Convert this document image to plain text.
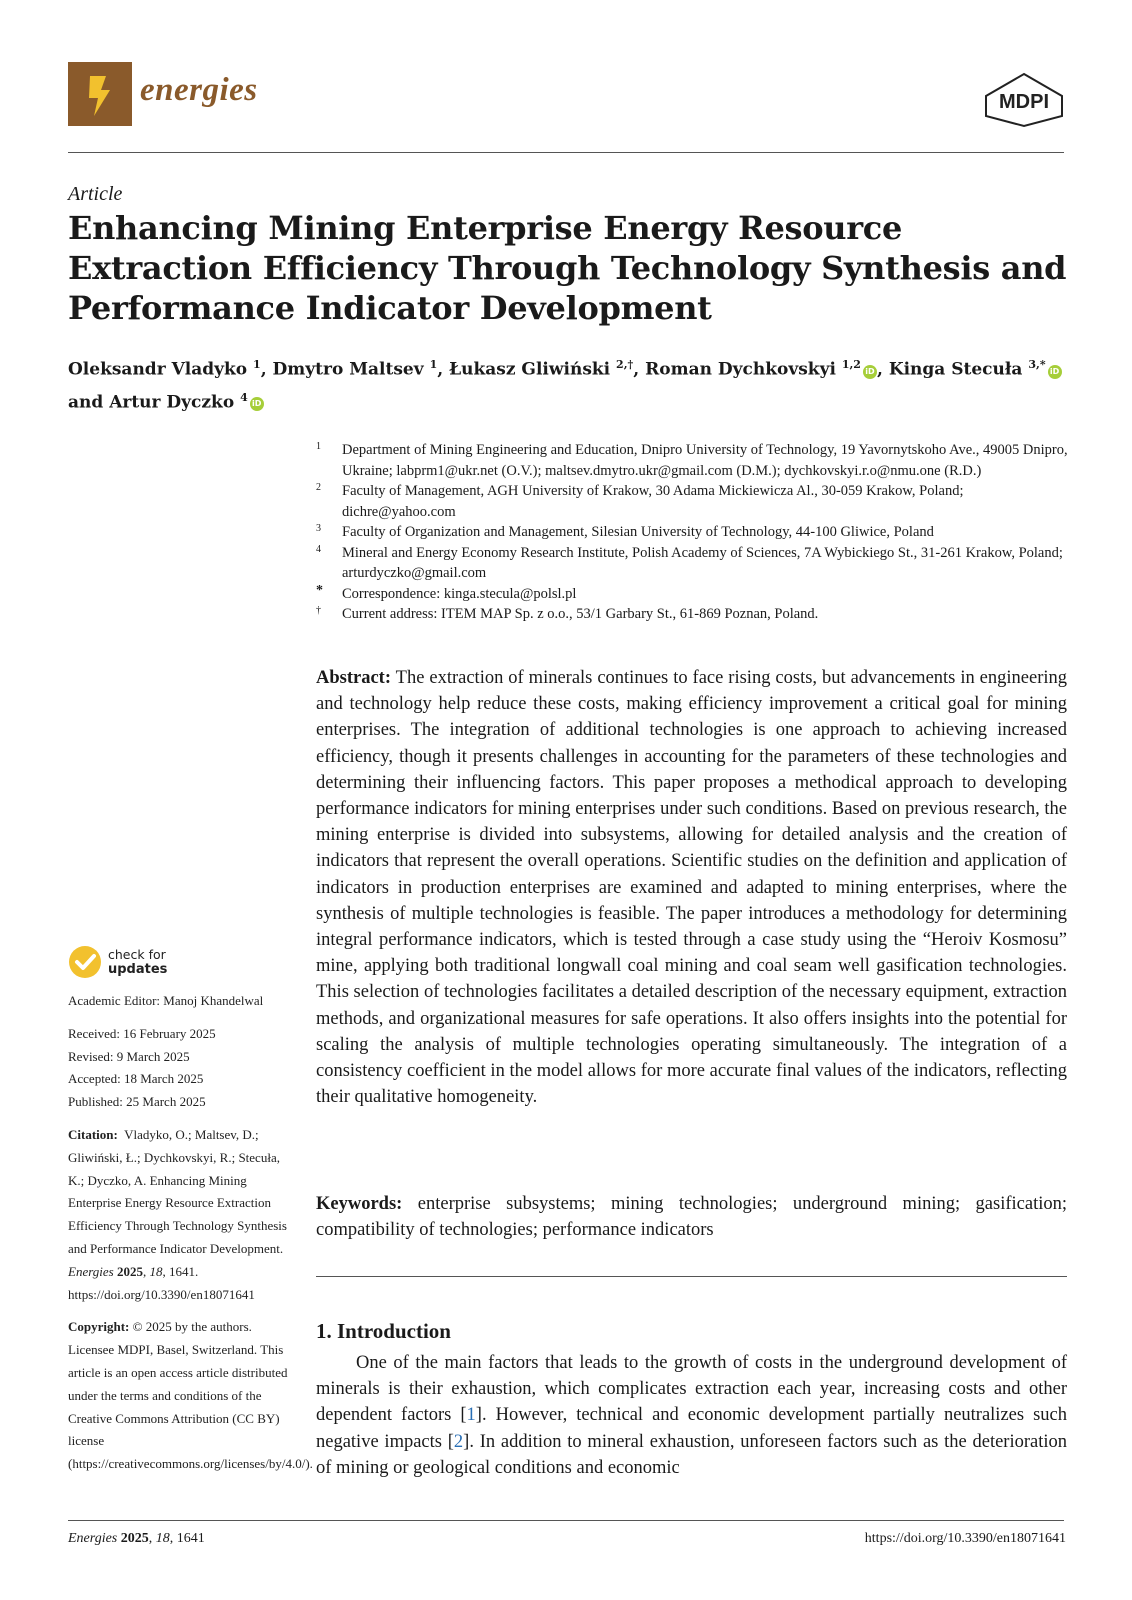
energies	MDPI
Article
Enhancing Mining Enterprise Energy Resource Extraction Efficiency Through Technology Synthesis and Performance Indicator Development
Oleksandr Vladyko $^1$, Dmytro Maltsev $^1$, Łukasz Gliwiński $^{2,\dagger}$, Roman Dychkovskyi $^{1,2}$iD , Kinga Stecuła $^{3,*}$iD
and Artur Dyczko $^4$iD
1	Department of Mining Engineering and Education, Dnipro University of Technology, 19 Yavornytskoho Ave., 49005 Dnipro, Ukraine; labprm1@ukr.net (O.V.); maltsev.dmytro.ukr@gmail.com (D.M.); dychkovskyi.r.o@nmu.one (R.D.)
2	Faculty of Management, AGH University of Krakow, 30 Adama Mickiewicza Al., 30-059 Krakow, Poland; dichre@yahoo.com
3	Faculty of Organization and Management, Silesian University of Technology, 44-100 Gliwice, Poland
4	Mineral and Energy Economy Research Institute, Polish Academy of Sciences, 7A Wybickiego St., 31-261 Krakow, Poland; arturdyczko@gmail.com
*	Correspondence: kinga.stecula@polsl.pl
†	Current address: ITEM MAP Sp. z o.o., 53/1 Garbary St., 61-869 Poznan, Poland.

Abstract: The extraction of minerals continues to face rising costs, but advancements in engineering and technology help reduce these costs, making efficiency improvement a critical goal for mining enterprises. The integration of additional technologies is one approach to achieving increased efficiency, though it presents challenges in accounting for the parameters of these technologies and determining their influencing factors. This paper proposes a methodical approach to developing performance indicators for mining enterprises under such conditions. Based on previous research, the mining enterprise is divided into subsystems, allowing for detailed analysis and the creation of indicators that represent the overall operations. Scientific studies on the definition and application of indicators in production enterprises are examined and adapted to mining enterprises, where the synthesis of multiple technologies is feasible. The paper introduces a methodology for determining integral performance indicators, which is tested through a case study using the “Heroiv Kosmosu” mine, applying both traditional longwall coal mining and coal seam well gasification technologies. This selection of technologies facilitates a detailed description of the necessary equipment, extraction methods, and organizational measures for safe operations. It also offers insights into the potential for scaling the analysis of multiple technologies operating simultaneously. The integration of a consistency coefficient in the model allows for more accurate final values of the indicators, reflecting their qualitative homogeneity.

Keywords: enterprise subsystems; mining technologies; underground mining; gasification; compatibility of technologies; performance indicators

1. Introduction

One of the main factors that leads to the growth of costs in the underground development of minerals is their exhaustion, which complicates extraction each year, increasing costs and other dependent factors [1]. However, technical and economic development partially neutralizes such negative impacts [2]. In addition to mineral exhaustion, unforeseen factors such as the deterioration of mining or geological conditions and economic

check for
updates
Academic Editor: Manoj Khandelwal
Received: 16 February 2025
Revised: 9 March 2025
Accepted: 18 March 2025
Published: 25 March 2025
Citation: Vladyko, O.; Maltsev, D.; Gliwiński, Ł.; Dychkovskyi, R.; Stecuła, K.; Dyczko, A. Enhancing Mining Enterprise Energy Resource Extraction Efficiency Through Technology Synthesis and Performance Indicator Development. Energies 2025, 18, 1641.
https://doi.org/10.3390/en18071641
Copyright: © 2025 by the authors. Licensee MDPI, Basel, Switzerland. This article is an open access article distributed under the terms and conditions of the Creative Commons Attribution (CC BY) license (https://creativecommons.org/licenses/by/4.0/).
Energies 2025, 18, 1641	https://doi.org/10.3390/en18071641
